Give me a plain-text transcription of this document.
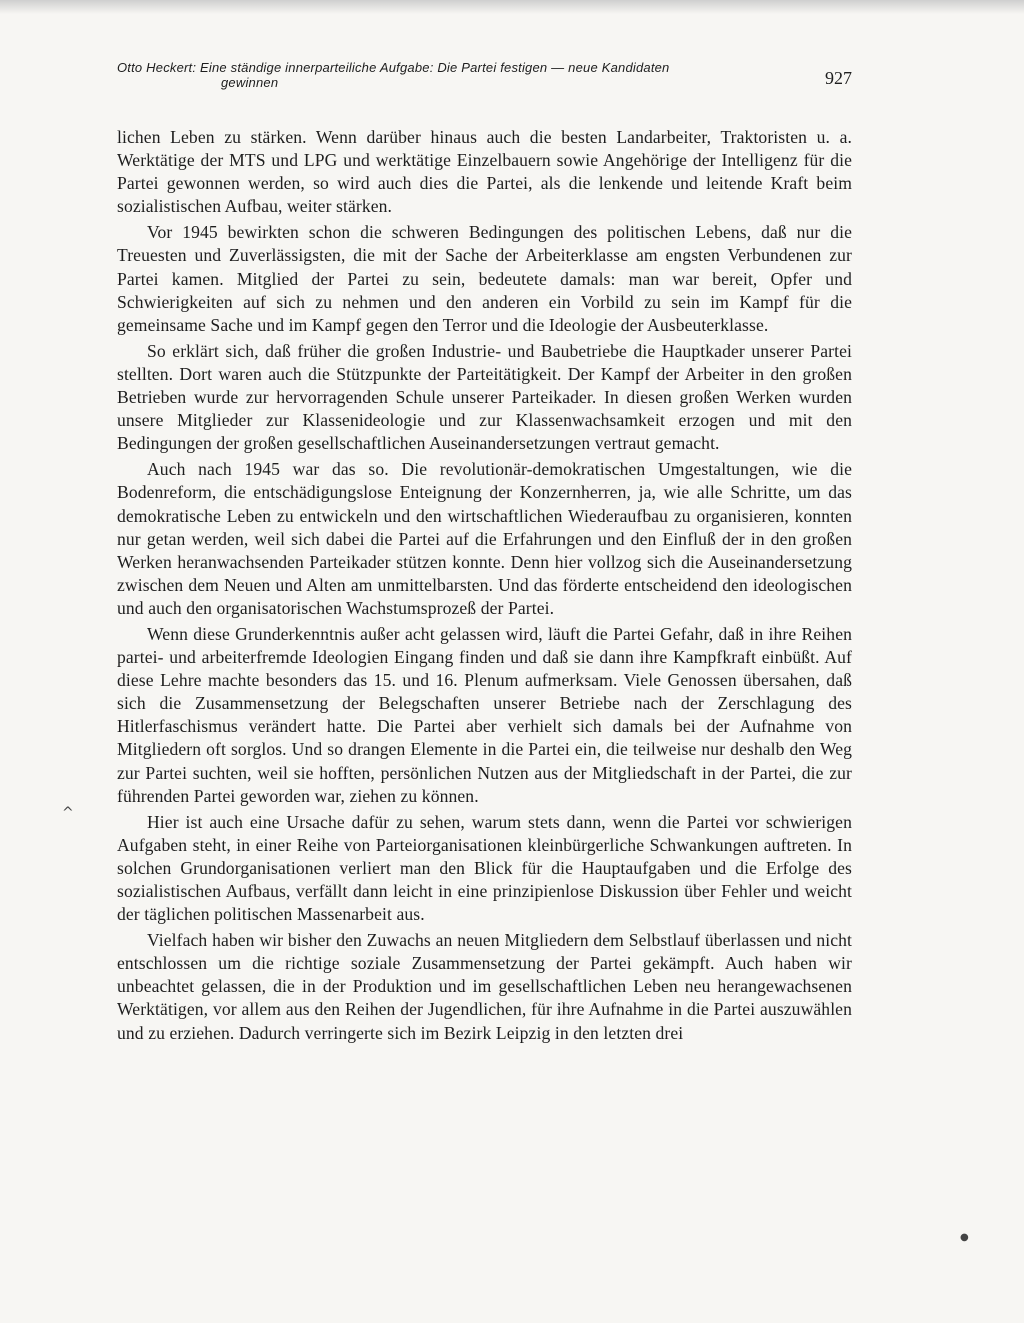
Otto Heckert: Eine ständige innerparteiliche Aufgabe: Die Partei festigen — neue Kandidaten
gewinnen	927

lichen Leben zu stärken. Wenn darüber hinaus auch die besten Landarbeiter, Traktoristen u. a. Werktätige der MTS und LPG und werktätige Einzelbauern sowie Angehörige der Intelligenz für die Partei gewonnen werden, so wird auch dies die Partei, als die lenkende und leitende Kraft beim sozialistischen Aufbau, weiter stärken.

Vor 1945 bewirkten schon die schweren Bedingungen des politischen Lebens, daß nur die Treuesten und Zuverlässigsten, die mit der Sache der Arbeiterklasse am engsten Verbundenen zur Partei kamen. Mitglied der Partei zu sein, bedeutete damals: man war bereit, Opfer und Schwierigkeiten auf sich zu nehmen und den anderen ein Vorbild zu sein im Kampf für die gemeinsame Sache und im Kampf gegen den Terror und die Ideologie der Ausbeuterklasse.

So erklärt sich, daß früher die großen Industrie- und Baubetriebe die Hauptkader unserer Partei stellten. Dort waren auch die Stützpunkte der Parteitätigkeit. Der Kampf der Arbeiter in den großen Betrieben wurde zur hervorragenden Schule unserer Parteikader. In diesen großen Werken wurden unsere Mitglieder zur Klassenideologie und zur Klassenwachsamkeit erzogen und mit den Bedingungen der großen gesellschaftlichen Auseinandersetzungen vertraut gemacht.

Auch nach 1945 war das so. Die revolutionär-demokratischen Umgestaltungen, wie die Bodenreform, die entschädigungslose Enteignung der Konzernherren, ja, wie alle Schritte, um das demokratische Leben zu entwickeln und den wirtschaftlichen Wiederaufbau zu organisieren, konnten nur getan werden, weil sich dabei die Partei auf die Erfahrungen und den Einfluß der in den großen Werken heranwachsenden Parteikader stützen konnte. Denn hier vollzog sich die Auseinandersetzung zwischen dem Neuen und Alten am unmittelbarsten. Und das förderte entscheidend den ideologischen und auch den organisatorischen Wachstumsprozeß der Partei.

Wenn diese Grunderkenntnis außer acht gelassen wird, läuft die Partei Gefahr, daß in ihre Reihen partei- und arbeiterfremde Ideologien Eingang finden und daß sie dann ihre Kampfkraft einbüßt. Auf diese Lehre machte besonders das 15. und 16. Plenum aufmerksam. Viele Genossen übersahen, daß sich die Zusammensetzung der Belegschaften unserer Betriebe nach der Zerschlagung des Hitlerfaschismus verändert hatte. Die Partei aber verhielt sich damals bei der Aufnahme von Mitgliedern oft sorglos. Und so drangen Elemente in die Partei ein, die teilweise nur deshalb den Weg zur Partei suchten, weil sie hofften, persönlichen Nutzen aus der Mitgliedschaft in der Partei, die zur führenden Partei geworden war, ziehen zu können.

Hier ist auch eine Ursache dafür zu sehen, warum stets dann, wenn die Partei vor schwierigen Aufgaben steht, in einer Reihe von Parteiorganisationen kleinbürgerliche Schwankungen auftreten. In solchen Grundorganisationen verliert man den Blick für die Hauptaufgaben und die Erfolge des sozialistischen Aufbaus, verfällt dann leicht in eine prinzipienlose Diskussion über Fehler und weicht der täglichen politischen Massenarbeit aus.

Vielfach haben wir bisher den Zuwachs an neuen Mitgliedern dem Selbstlauf überlassen und nicht entschlossen um die richtige soziale Zusammensetzung der Partei gekämpft. Auch haben wir unbeachtet gelassen, die in der Produktion und im gesellschaftlichen Leben neu herangewachsenen Werktätigen, vor allem aus den Reihen der Jugendlichen, für ihre Aufnahme in die Partei auszuwählen und zu erziehen. Dadurch verringerte sich im Bezirk Leipzig in den letzten drei

^
●
